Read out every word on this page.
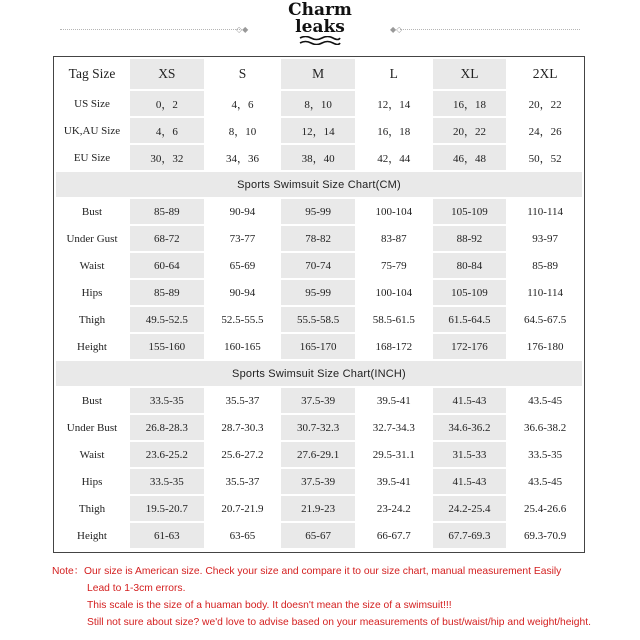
Charm
leaks
◇◆	◆◇
Tag Size	XS	S	M	L	XL	2XL
US Size	0，2	4，6	8，10	12，14	16，18	20，22
UK,AU Size	4，6	8，10	12，14	16，18	20，22	24，26
EU Size	30，32	34，36	38，40	42，44	46，48	50，52
Sports Swimsuit Size Chart(CM)						
Bust	85-89	90-94	95-99	100-104	105-109	110-114
Under Gust	68-72	73-77	78-82	83-87	88-92	93-97
Waist	60-64	65-69	70-74	75-79	80-84	85-89
Hips	85-89	90-94	95-99	100-104	105-109	110-114
Thigh	49.5-52.5	52.5-55.5	55.5-58.5	58.5-61.5	61.5-64.5	64.5-67.5
Height	155-160	160-165	165-170	168-172	172-176	176-180
Sports Swimsuit Size Chart(INCH)						
Bust	33.5-35	35.5-37	37.5-39	39.5-41	41.5-43	43.5-45
Under Bust	26.8-28.3	28.7-30.3	30.7-32.3	32.7-34.3	34.6-36.2	36.6-38.2
Waist	23.6-25.2	25.6-27.2	27.6-29.1	29.5-31.1	31.5-33	33.5-35
Hips	33.5-35	35.5-37	37.5-39	39.5-41	41.5-43	43.5-45
Thigh	19.5-20.7	20.7-21.9	21.9-23	23-24.2	24.2-25.4	25.4-26.6
Height	61-63	63-65	65-67	66-67.7	67.7-69.3	69.3-70.9
Note：Our size is American size. Check your size and compare it to our size chart, manual measurement Easily
Lead to 1-3cm errors.
This scale is the size of a huaman body. It doesn't mean the size of a swimsuit!!!
Still not sure about size? we'd love to advise based on your measurements of bust/waist/hip and weight/height.
